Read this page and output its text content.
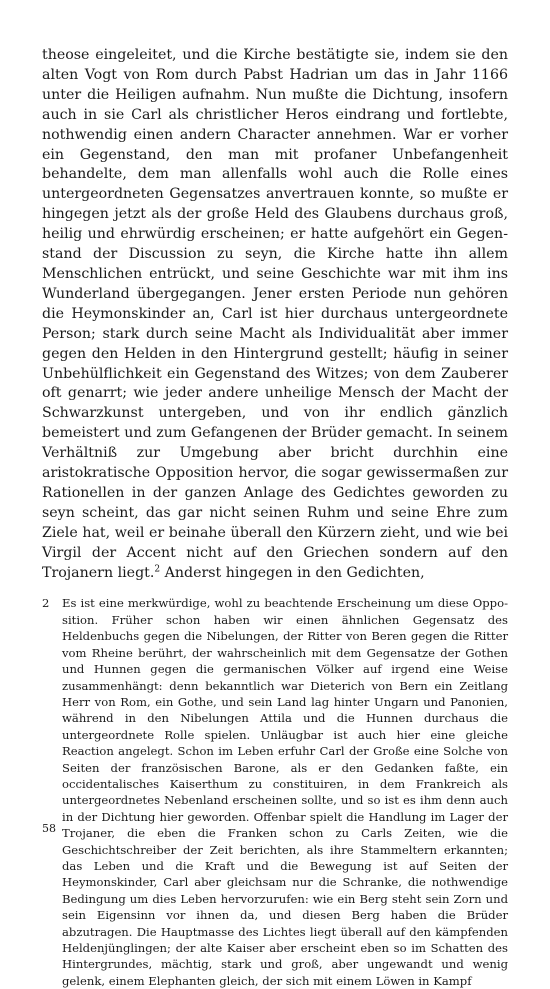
theose eingeleitet, und die Kirche bestätigte sie, indem sie den alten Vogt von Rom durch Pabst Hadrian um das in Jahr 1166 unter die Heiligen aufnahm. Nun mußte die Dichtung, insofern auch in sie Carl als christlicher Heros eindrang und fortlebte, nothwendig einen andern Character annehmen. War er vorher ein Gegenstand, den man mit profaner Unbefangenheit behandelte, dem man allenfalls wohl auch die Rolle eines untergeordneten Gegensatzes anvertrauen konnte, so mußte er hingegen jetzt als der große Held des Glaubens durchaus groß, heilig und ehrwürdig erscheinen; er hatte aufgehört ein Gegenstand der Discussion zu seyn, die Kirche hatte ihn allem Menschlichen entrückt, und seine Geschichte war mit ihm ins Wunderland übergegangen. Jener ersten Periode nun gehören die Heymonskinder an, Carl ist hier durchaus untergeordnete Person; stark durch seine Macht als Individualität aber immer gegen den Helden in den Hintergrund gestellt; häufig in seiner Unbehülflichkeit ein Gegenstand des Witzes; von dem Zauberer oft genarrt; wie jeder andere unheilige Mensch der Macht der Schwarzkunst untergeben, und von ihr endlich gänzlich bemeistert und zum Gefangenen der Brüder gemacht. In seinem Verhältniß zur Umgebung aber bricht durchhin eine aristokratische Opposition hervor, die sogar gewissermaßen zur Rationellen in der ganzen Anlage des Gedichtes geworden zu seyn scheint, das gar nicht seinen Ruhm und seine Ehre zum Ziele hat, weil er beinahe überall den Kürzern zieht, und wie bei Virgil der Accent nicht auf den Griechen sondern auf den Trojanern liegt.$^2$ Anderst hingegen in den Gedichten,

2 Es ist eine merkwürdige, wohl zu beachtende Erscheinung um diese Opposition. Früher schon haben wir einen ähnlichen Gegensatz des Heldenbuchs gegen die Nibelungen, der Ritter von Beren gegen die Ritter vom Rheine berührt, der wahrscheinlich mit dem Gegensatze der Gothen und Hunnen gegen die germanischen Völker auf irgend eine Weise zusammenhängt: denn bekanntlich war Dieterich von Bern ein Zeitlang Herr von Rom, ein Gothe, und sein Land lag hinter Ungarn und Panonien, während in den Nibelungen Attila und die Hunnen durchaus die untergeordnete Rolle spielen. Unläugbar ist auch hier eine gleiche Reaction angelegt. Schon im Leben erfuhr Carl der Große eine Solche von Seiten der französischen Barone, als er den Gedanken faßte, ein occidentalisches Kaiserthum zu constituiren, in dem Frankreich als untergeordnetes Nebenland erscheinen sollte, und so ist es ihm denn auch in der Dichtung hier geworden. Offenbar spielt die Handlung im Lager der Trojaner, die eben die Franken schon zu Carls Zeiten, wie die Geschichtschreiber der Zeit berichten, als ihre Stammeltern erkannten; das Leben und die Kraft und die Bewegung ist auf Seiten der Heymonskinder, Carl aber gleichsam nur die Schranke, die nothwendige Bedingung um dies Leben hervorzurufen: wie ein Berg steht sein Zorn und sein Eigensinn vor ihnen da, und diesen Berg haben die Brüder abzutragen. Die Hauptmasse des Lichtes liegt überall auf den kämpfenden Heldenjünglingen; der alte Kaiser aber erscheint eben so im Schatten des Hintergrundes, mächtig, stark und groß, aber ungewandt und wenig gelenk, einem Elephanten gleich, der sich mit einem Löwen in Kampf

58
